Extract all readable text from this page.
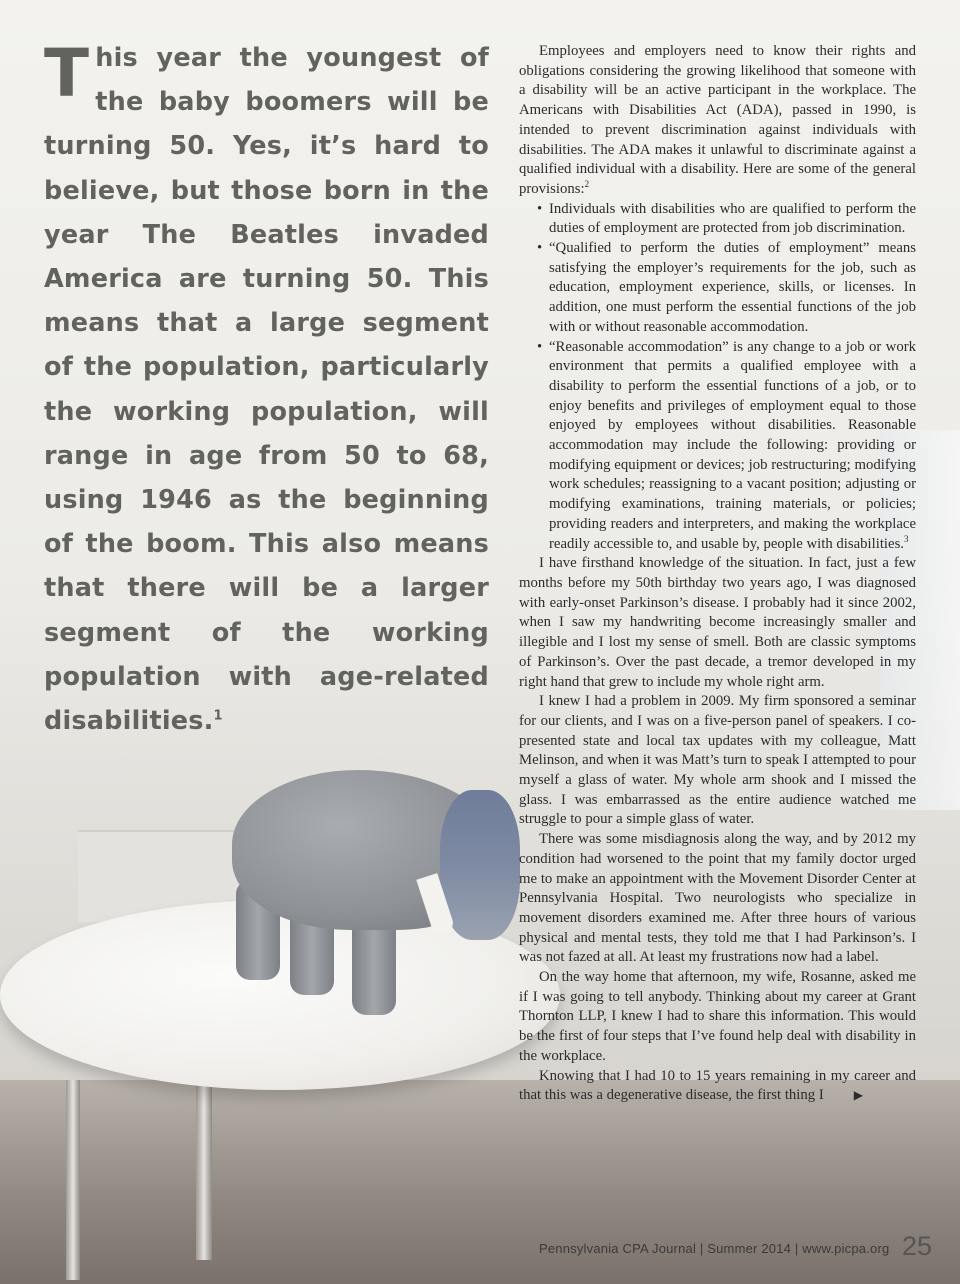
This year the youngest of the baby boomers will be turning 50. Yes, it’s hard to believe, but those born in the year The Beatles invaded America are turning 50. This means that a large segment of the population, particularly the working population, will range in age from 50 to 68, using 1946 as the beginning of the boom. This also means that there will be a larger segment of the working population with age-related disabilities.$^1$

Employees and employers need to know their rights and obligations considering the growing likelihood that someone with a disability will be an active participant in the workplace. The Americans with Disabilities Act (ADA), passed in 1990, is intended to prevent discrimination against individuals with disabilities. The ADA makes it unlawful to discriminate against a qualified individual with a disability. Here are some of the general provisions:$^2$

• Individuals with disabilities who are qualified to perform the duties of employment are protected from job discrimination.
• “Qualified to perform the duties of employment” means satisfying the employer’s requirements for the job, such as education, employment experience, skills, or licenses. In addition, one must perform the essential functions of the job with or without reasonable accommodation.
• “Reasonable accommodation” is any change to a job or work environment that permits a qualified employee with a disability to perform the essential functions of a job, or to enjoy benefits and privileges of employment equal to those enjoyed by employees without disabilities. Reasonable accommodation may include the following: providing or modifying equipment or devices; job restructuring; modifying work schedules; reassigning to a vacant position; adjusting or modifying examinations, training materials, or policies; providing readers and interpreters, and making the workplace readily accessible to, and usable by, people with disabilities.$^3$

I have firsthand knowledge of the situation. In fact, just a few months before my 50th birthday two years ago, I was diagnosed with early-onset Parkinson’s disease. I probably had it since 2002, when I saw my handwriting become increasingly smaller and illegible and I lost my sense of smell. Both are classic symptoms of Parkinson’s. Over the past decade, a tremor developed in my right hand that grew to include my whole right arm.

I knew I had a problem in 2009. My firm sponsored a seminar for our clients, and I was on a five-person panel of speakers. I co-presented state and local tax updates with my colleague, Matt Melinson, and when it was Matt’s turn to speak I attempted to pour myself a glass of water. My whole arm shook and I missed the glass. I was embarrassed as the entire audience watched me struggle to pour a simple glass of water.

There was some misdiagnosis along the way, and by 2012 my condition had worsened to the point that my family doctor urged me to make an appointment with the Movement Disorder Center at Pennsylvania Hospital. Two neurologists who specialize in movement disorders examined me. After three hours of various physical and mental tests, they told me that I had Parkinson’s. I was not fazed at all. At least my frustrations now had a label.

On the way home that afternoon, my wife, Rosanne, asked me if I was going to tell anybody. Thinking about my career at Grant Thornton LLP, I knew I had to share this information. This would be the first of four steps that I’ve found help deal with disability in the workplace.

Knowing that I had 10 to 15 years remaining in my career and that this was a degenerative disease, the first thing I	▶

Pennsylvania CPA Journal | Summer 2014 | www.picpa.org 25
